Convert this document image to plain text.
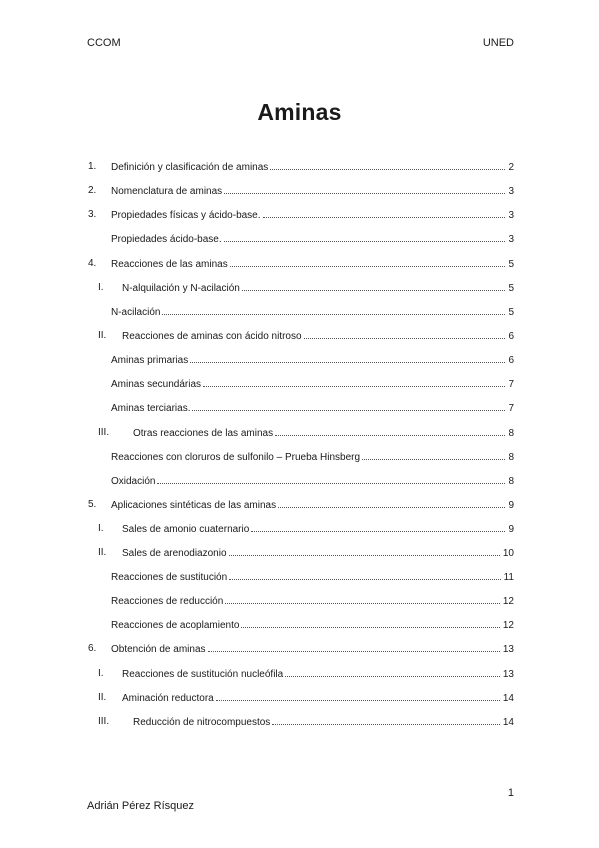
CCOM	UNED
Aminas
1. Definición y clasificación de aminas	2
2. Nomenclatura de aminas	3
3. Propiedades físicas y ácido-base.	3
Propiedades ácido-base.	3
4. Reacciones de las aminas	5
I. N-alquilación y N-acilación	5
N-acilación	5
II. Reacciones de aminas con ácido nitroso	6
Aminas primarias	6
Aminas secundárias	7
Aminas terciarias.	7
III. Otras reacciones de las aminas	8
Reacciones con cloruros de sulfonilo – Prueba Hinsberg	8
Oxidación	8
5. Aplicaciones sintéticas de las aminas	9
I. Sales de amonio cuaternario	9
II. Sales de arenodiazonio	10
Reacciones de sustitución	11
Reacciones de reducción	12
Reacciones de acoplamiento	12
6. Obtención de aminas	13
I. Reacciones de sustitución nucleófila	13
II. Aminación reductora	14
III. Reducción de nitrocompuestos	14
1
Adrián Pérez Rísquez
